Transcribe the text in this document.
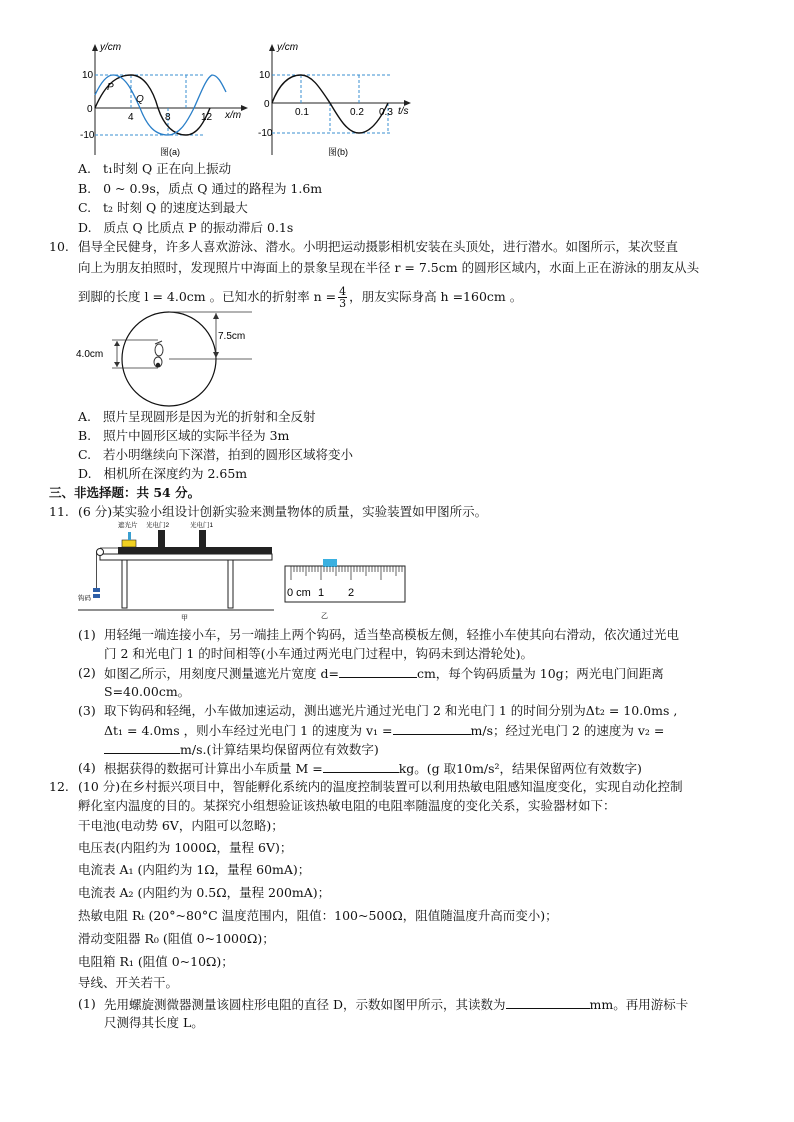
y/cm
x/m
10
0
-10
4	8	12
P
Q
图(a)
y/cm
t/s
10
0
-10
0.1	0.2 0.3
图(b)
A. t₁时刻 Q 正在向上振动
B. 0 ~ 0.9s，质点 Q 通过的路程为 1.6m
C. t₂ 时刻 Q 的速度达到最大
D. 质点 Q 比质点 P 的振动滞后 0.1s
10. 倡导全民健身，许多人喜欢游泳、潜水。小明把运动摄影相机安装在头顶处，进行潜水。如图所示，某次竖直
向上为朋友拍照时，发现照片中海面上的景象呈现在半径 r = 7.5cm 的圆形区域内，水面上正在游泳的朋友从头
到脚的长度 l = 4.0cm 。已知水的折射率 $n = \frac{4}{3}$ ，朋友实际身高 h =160cm 。
7.5cm
4.0cm
A. 照片呈现圆形是因为光的折射和全反射
B. 照片中圆形区域的实际半径为 3m
C. 若小明继续向下深潜，拍到的圆形区域将变小
D. 相机所在深度约为 2.65m
三、非选择题：共 54 分。
11. (6 分)某实验小组设计创新实验来测量物体的质量，实验装置如甲图所示。
遮光片 光电门2	光电门1
钩码
甲
0 cm 1 2
乙
(1) 用轻绳一端连接小车，另一端挂上两个钩码，适当垫高模板左侧，轻推小车使其向右滑动，依次通过光电
门 2 和光电门 1 的时间相等(小车通过两光电门过程中，钩码未到达滑轮处)。
(2) 如图乙所示，用刻度尺测量遮光片宽度 d=	cm，每个钩码质量为 10g；两光电门间距离
S=40.00cm。
(3) 取下钩码和轻绳，小车做加速运动，测出遮光片通过光电门 2 和光电门 1 的时间分别为Δt₂ = 10.0ms ,
Δt₁ = 4.0ms ，则小车经过光电门 1 的速度为 v₁ =	m/s；经过光电门 2 的速度为 v₂ =
m/s.(计算结果均保留两位有效数字)
(4) 根据获得的数据可计算出小车质量 M =	kg。(g 取10m/s²，结果保留两位有效数字)
12. (10 分)在乡村振兴项目中，智能孵化系统内的温度控制装置可以利用热敏电阻感知温度变化，实现自动化控制
孵化室内温度的目的。某探究小组想验证该热敏电阻的电阻率随温度的变化关系，实验器材如下：
干电池(电动势 6V，内阻可以忽略)；
电压表(内阻约为 1000Ω，量程 6V)；
电流表 A₁ (内阻约为 1Ω，量程 60mA)；
电流表 A₂ (内阻约为 0.5Ω，量程 200mA)；
热敏电阻 Rₜ (20°~80°C 温度范围内，阻值：100~500Ω，阻值随温度升高而变小)；
滑动变阻器 R₀ (阻值 0~1000Ω)；
电阻箱 R₁ (阻值 0~10Ω)；
导线、开关若干。
(1) 先用螺旋测微器测量该圆柱形电阻的直径 D，示数如图甲所示，其读数为	mm。再用游标卡
尺测得其长度 L。
